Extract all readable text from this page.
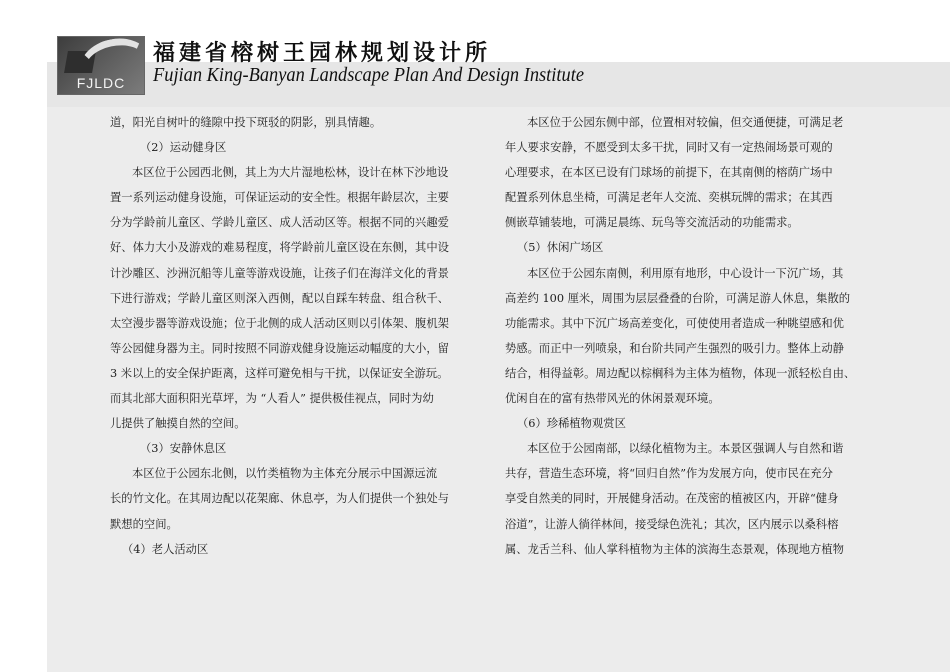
FJLDC
福建省榕树王园林规划设计所
Fujian King-Banyan Landscape Plan And Design Institute
道，阳光自树叶的缝隙中投下斑驳的阴影，别具情趣。
（2）运动健身区
本区位于公园西北侧，其上为大片湿地松林，设计在林下沙地设
置一系列运动健身设施，可保证运动的安全性。根据年龄层次，主要
分为学龄前儿童区、学龄儿童区、成人活动区等。根据不同的兴趣爱
好、体力大小及游戏的难易程度，将学龄前儿童区设在东侧，其中设
计沙雕区、沙洲沉船等儿童等游戏设施，让孩子们在海洋文化的背景
下进行游戏；学龄儿童区则深入西侧，配以自踩车转盘、组合秋千、
太空漫步器等游戏设施；位于北侧的成人活动区则以引体架、腹机架
等公园健身器为主。同时按照不同游戏健身设施运动幅度的大小，留
3 米以上的安全保护距离，这样可避免相与干扰，以保证安全游玩。
而其北部大面积阳光草坪，为 “人看人” 提供极佳视点，同时为幼
儿提供了触摸自然的空间。
（3）安静休息区
本区位于公园东北侧，以竹类植物为主体充分展示中国源远流
长的竹文化。在其周边配以花架廊、休息亭，为人们提供一个独处与
默想的空间。
（4）老人活动区
本区位于公园东侧中部，位置相对较偏，但交通便捷，可满足老
年人要求安静，不愿受到太多干扰，同时又有一定热闹场景可观的
心理要求，在本区已设有门球场的前提下，在其南侧的榕荫广场中
配置系列休息坐椅，可满足老年人交流、奕棋玩牌的需求；在其西
侧嵌草铺装地，可满足晨练、玩鸟等交流活动的功能需求。
（5）休闲广场区
本区位于公园东南侧，利用原有地形，中心设计一下沉广场，其
高差约 100 厘米，周围为层层叠叠的台阶，可满足游人休息，集散的
功能需求。其中下沉广场高差变化，可使使用者造成一种眺望感和优
势感。而正中一列喷泉，和台阶共同产生强烈的吸引力。整体上动静
结合，相得益彰。周边配以棕榈科为主体为植物，体现一派轻松自由、
优闲自在的富有热带风光的休闲景观环境。
（6）珍稀植物观赏区
本区位于公园南部，以绿化植物为主。本景区强调人与自然和谐
共存，营造生态环境，将“回归自然”作为发展方向，使市民在充分
享受自然美的同时，开展健身活动。在茂密的植被区内，开辟“健身
浴道”，让游人徜徉林间，接受绿色洗礼；其次，区内展示以桑科榕
属、龙舌兰科、仙人掌科植物为主体的滨海生态景观，体现地方植物
